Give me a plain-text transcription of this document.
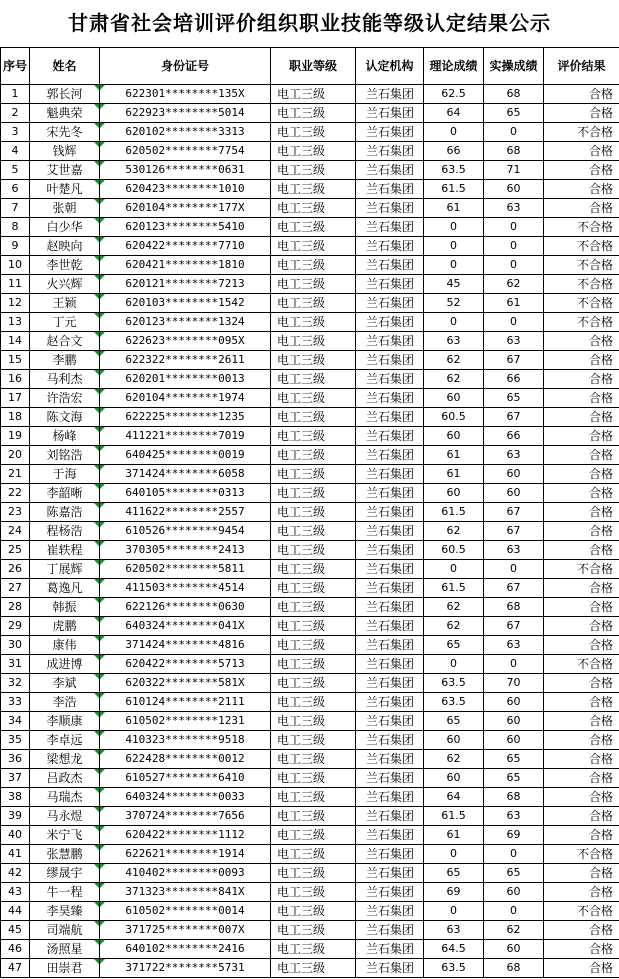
甘肃省社会培训评价组织职业技能等级认定结果公示
序号	姓名	身份证号	职业等级	认定机构	理论成绩	实操成绩	评价结果
1	郭长河	622301********135X	电工三级	兰石集团	62.5	68	合格
2	魁典荣	622923********5014	电工三级	兰石集团	64	65	合格
3	宋先冬	620102********3313	电工三级	兰石集团	0	0	不合格
4	钱辉	620502********7754	电工三级	兰石集团	66	68	合格
5	艾世嘉	530126********0631	电工三级	兰石集团	63.5	71	合格
6	叶楚凡	620423********1010	电工三级	兰石集团	61.5	60	合格
7	张朝	620104********177X	电工三级	兰石集团	61	63	合格
8	白少华	620123********5410	电工三级	兰石集团	0	0	不合格
9	赵映向	620422********7710	电工三级	兰石集团	0	0	不合格
10	李世乾	620421********1810	电工三级	兰石集团	0	0	不合格
11	火兴辉	620121********7213	电工三级	兰石集团	45	62	不合格
12	王颖	620103********1542	电工三级	兰石集团	52	61	不合格
13	丁元	620123********1324	电工三级	兰石集团	0	0	不合格
14	赵合文	622623********095X	电工三级	兰石集团	63	63	合格
15	李鹏	622322********2611	电工三级	兰石集团	62	67	合格
16	马利杰	620201********0013	电工三级	兰石集团	62	66	合格
17	许浩宏	620104********1974	电工三级	兰石集团	60	65	合格
18	陈文海	622225********1235	电工三级	兰石集团	60.5	67	合格
19	杨峰	411221********7019	电工三级	兰石集团	60	66	合格
20	刘铭浩	640425********0019	电工三级	兰石集团	61	63	合格
21	于海	371424********6058	电工三级	兰石集团	61	60	合格
22	李韶晰	640105********0313	电工三级	兰石集团	60	60	合格
23	陈嘉浩	411622********2557	电工三级	兰石集团	61.5	67	合格
24	程杨浩	610526********9454	电工三级	兰石集团	62	67	合格
25	崔轶程	370305********2413	电工三级	兰石集团	60.5	63	合格
26	丁展辉	620502********5811	电工三级	兰石集团	0	0	不合格
27	葛逸凡	411503********4514	电工三级	兰石集团	61.5	67	合格
28	韩振	622126********0630	电工三级	兰石集团	62	68	合格
29	虎鹏	640324********041X	电工三级	兰石集团	62	67	合格
30	康伟	371424********4816	电工三级	兰石集团	65	63	合格
31	成进博	620422********5713	电工三级	兰石集团	0	0	不合格
32	李斌	620322********581X	电工三级	兰石集团	63.5	70	合格
33	李浩	610124********2111	电工三级	兰石集团	63.5	60	合格
34	李顺康	610502********1231	电工三级	兰石集团	65	60	合格
35	李卓远	410323********9518	电工三级	兰石集团	60	60	合格
36	梁想龙	622428********0012	电工三级	兰石集团	62	65	合格
37	吕政杰	610527********6410	电工三级	兰石集团	60	65	合格
38	马瑞杰	640324********0033	电工三级	兰石集团	64	68	合格
39	马永煜	370724********7656	电工三级	兰石集团	61.5	63	合格
40	米宁飞	620422********1112	电工三级	兰石集团	61	69	合格
41	张慧鹏	622621********1914	电工三级	兰石集团	0	0	不合格
42	缪晟宇	410402********0093	电工三级	兰石集团	65	65	合格
43	牛一程	371323********841X	电工三级	兰石集团	69	60	合格
44	李昊臻	610502********0014	电工三级	兰石集团	0	0	不合格
45	司端航	371725********007X	电工三级	兰石集团	63	62	合格
46	汤照星	640102********2416	电工三级	兰石集团	64.5	60	合格
47	田崇君	371722********5731	电工三级	兰石集团	63.5	68	合格
